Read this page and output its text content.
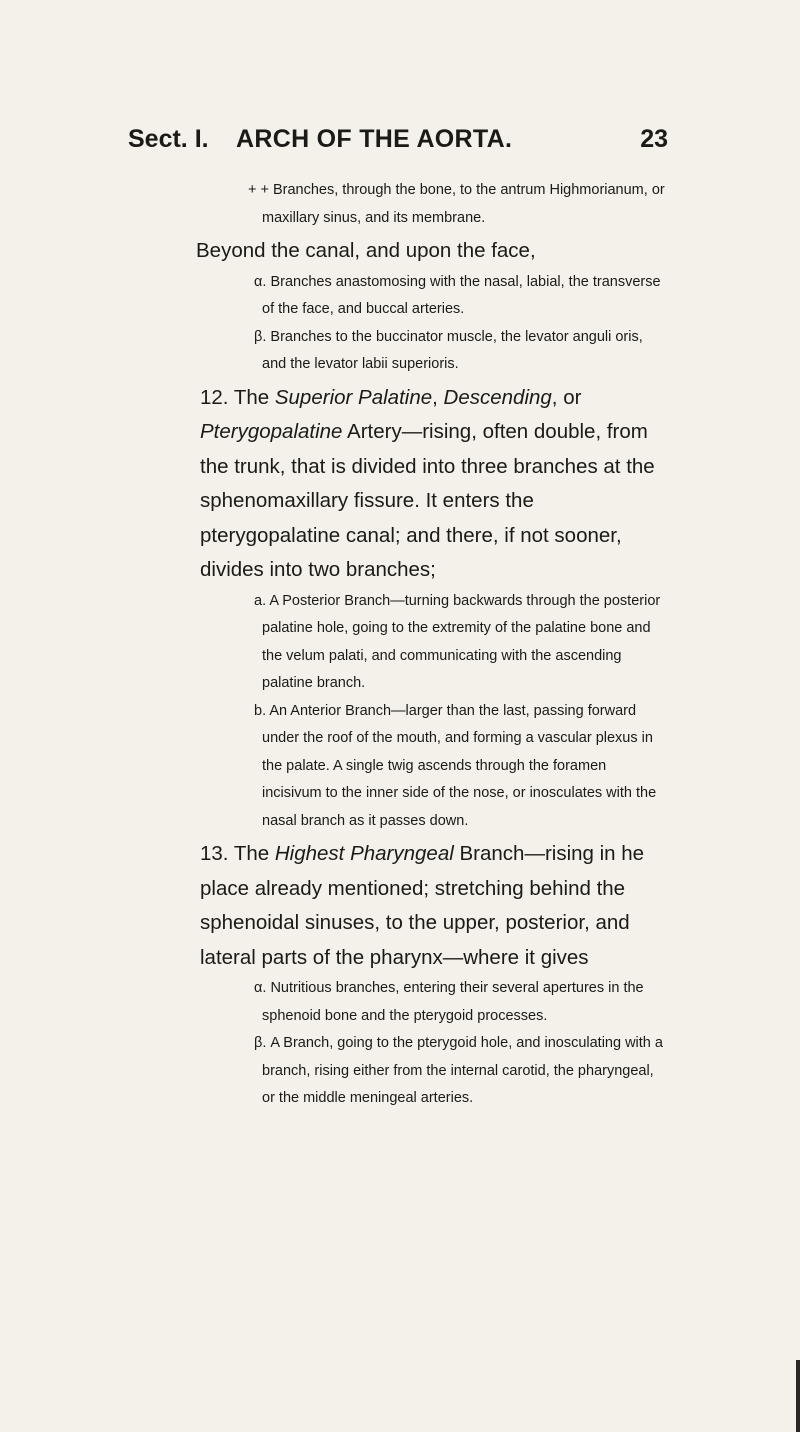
Sect. I. ARCH OF THE AORTA.	23

+ + Branches, through the bone, to the antrum Highmorianum, or maxillary sinus, and its membrane.

Beyond the canal, and upon the face,

α. Branches anastomosing with the nasal, labial, the transverse of the face, and buccal arteries.

β. Branches to the buccinator muscle, the levator anguli oris, and the levator labii superioris.

12. The Superior Palatine, Descending, or Pterygopalatine Artery—rising, often double, from the trunk, that is divided into three branches at the sphenomaxillary fissure. It enters the pterygopalatine canal; and there, if not sooner, divides into two branches;

a. A Posterior Branch—turning backwards through the posterior palatine hole, going to the extremity of the palatine bone and the velum palati, and communicating with the ascending palatine branch.

b. An Anterior Branch—larger than the last, passing forward under the roof of the mouth, and forming a vascular plexus in the palate. A single twig ascends through the foramen incisivum to the inner side of the nose, or inosculates with the nasal branch as it passes down.

13. The Highest Pharyngeal Branch—rising in he place already mentioned; stretching behind the sphenoidal sinuses, to the upper, posterior, and lateral parts of the pharynx—where it gives

α. Nutritious branches, entering their several apertures in the sphenoid bone and the pterygoid processes.

β. A Branch, going to the pterygoid hole, and inosculating with a branch, rising either from the internal carotid, the pharyngeal, or the middle meningeal arteries.
